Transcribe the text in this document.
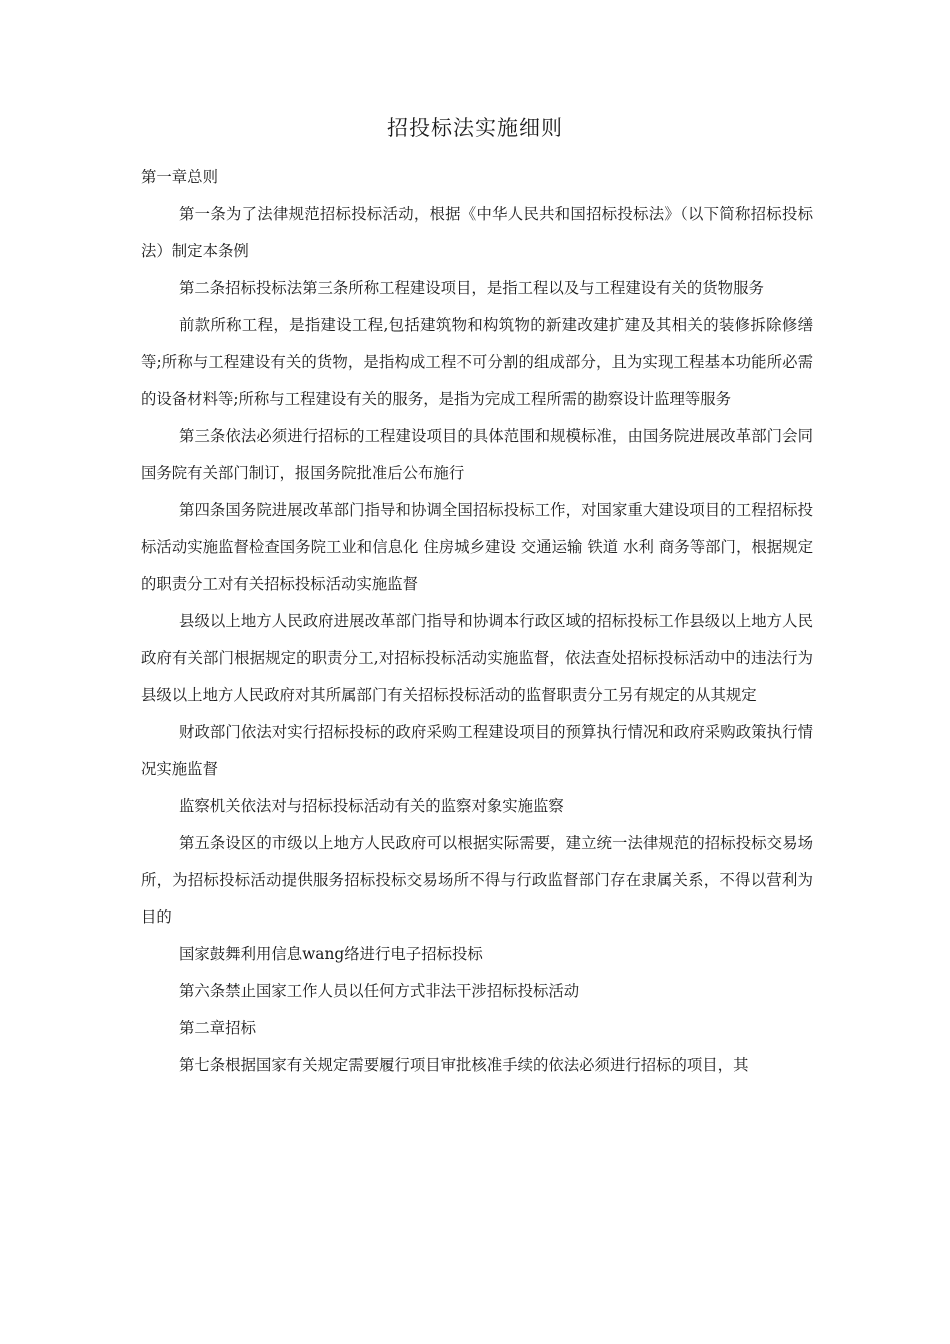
招投标法实施细则

第一章总则

第一条为了法律规范招标投标活动，根据《中华人民共和国招标投标法》（以下简称招标投标法）制定本条例

第二条招标投标法第三条所称工程建设项目，是指工程以及与工程建设有关的货物服务

前款所称工程，是指建设工程,包括建筑物和构筑物的新建改建扩建及其相关的装修拆除修缮等;所称与工程建设有关的货物，是指构成工程不可分割的组成部分，且为实现工程基本功能所必需的设备材料等;所称与工程建设有关的服务，是指为完成工程所需的勘察设计监理等服务

第三条依法必须进行招标的工程建设项目的具体范围和规模标准，由国务院进展改革部门会同国务院有关部门制订，报国务院批准后公布施行

第四条国务院进展改革部门指导和协调全国招标投标工作，对国家重大建设项目的工程招标投标活动实施监督检查国务院工业和信息化 住房城乡建设 交通运输 铁道 水利 商务等部门，根据规定的职责分工对有关招标投标活动实施监督

县级以上地方人民政府进展改革部门指导和协调本行政区域的招标投标工作县级以上地方人民政府有关部门根据规定的职责分工,对招标投标活动实施监督，依法查处招标投标活动中的违法行为县级以上地方人民政府对其所属部门有关招标投标活动的监督职责分工另有规定的从其规定

财政部门依法对实行招标投标的政府采购工程建设项目的预算执行情况和政府采购政策执行情况实施监督

监察机关依法对与招标投标活动有关的监察对象实施监察

第五条设区的市级以上地方人民政府可以根据实际需要，建立统一法律规范的招标投标交易场所，为招标投标活动提供服务招标投标交易场所不得与行政监督部门存在隶属关系，不得以营利为目的

国家鼓舞利用信息wang络进行电子招标投标

第六条禁止国家工作人员以任何方式非法干涉招标投标活动

第二章招标

第七条根据国家有关规定需要履行项目审批核准手续的依法必须进行招标的项目，其
